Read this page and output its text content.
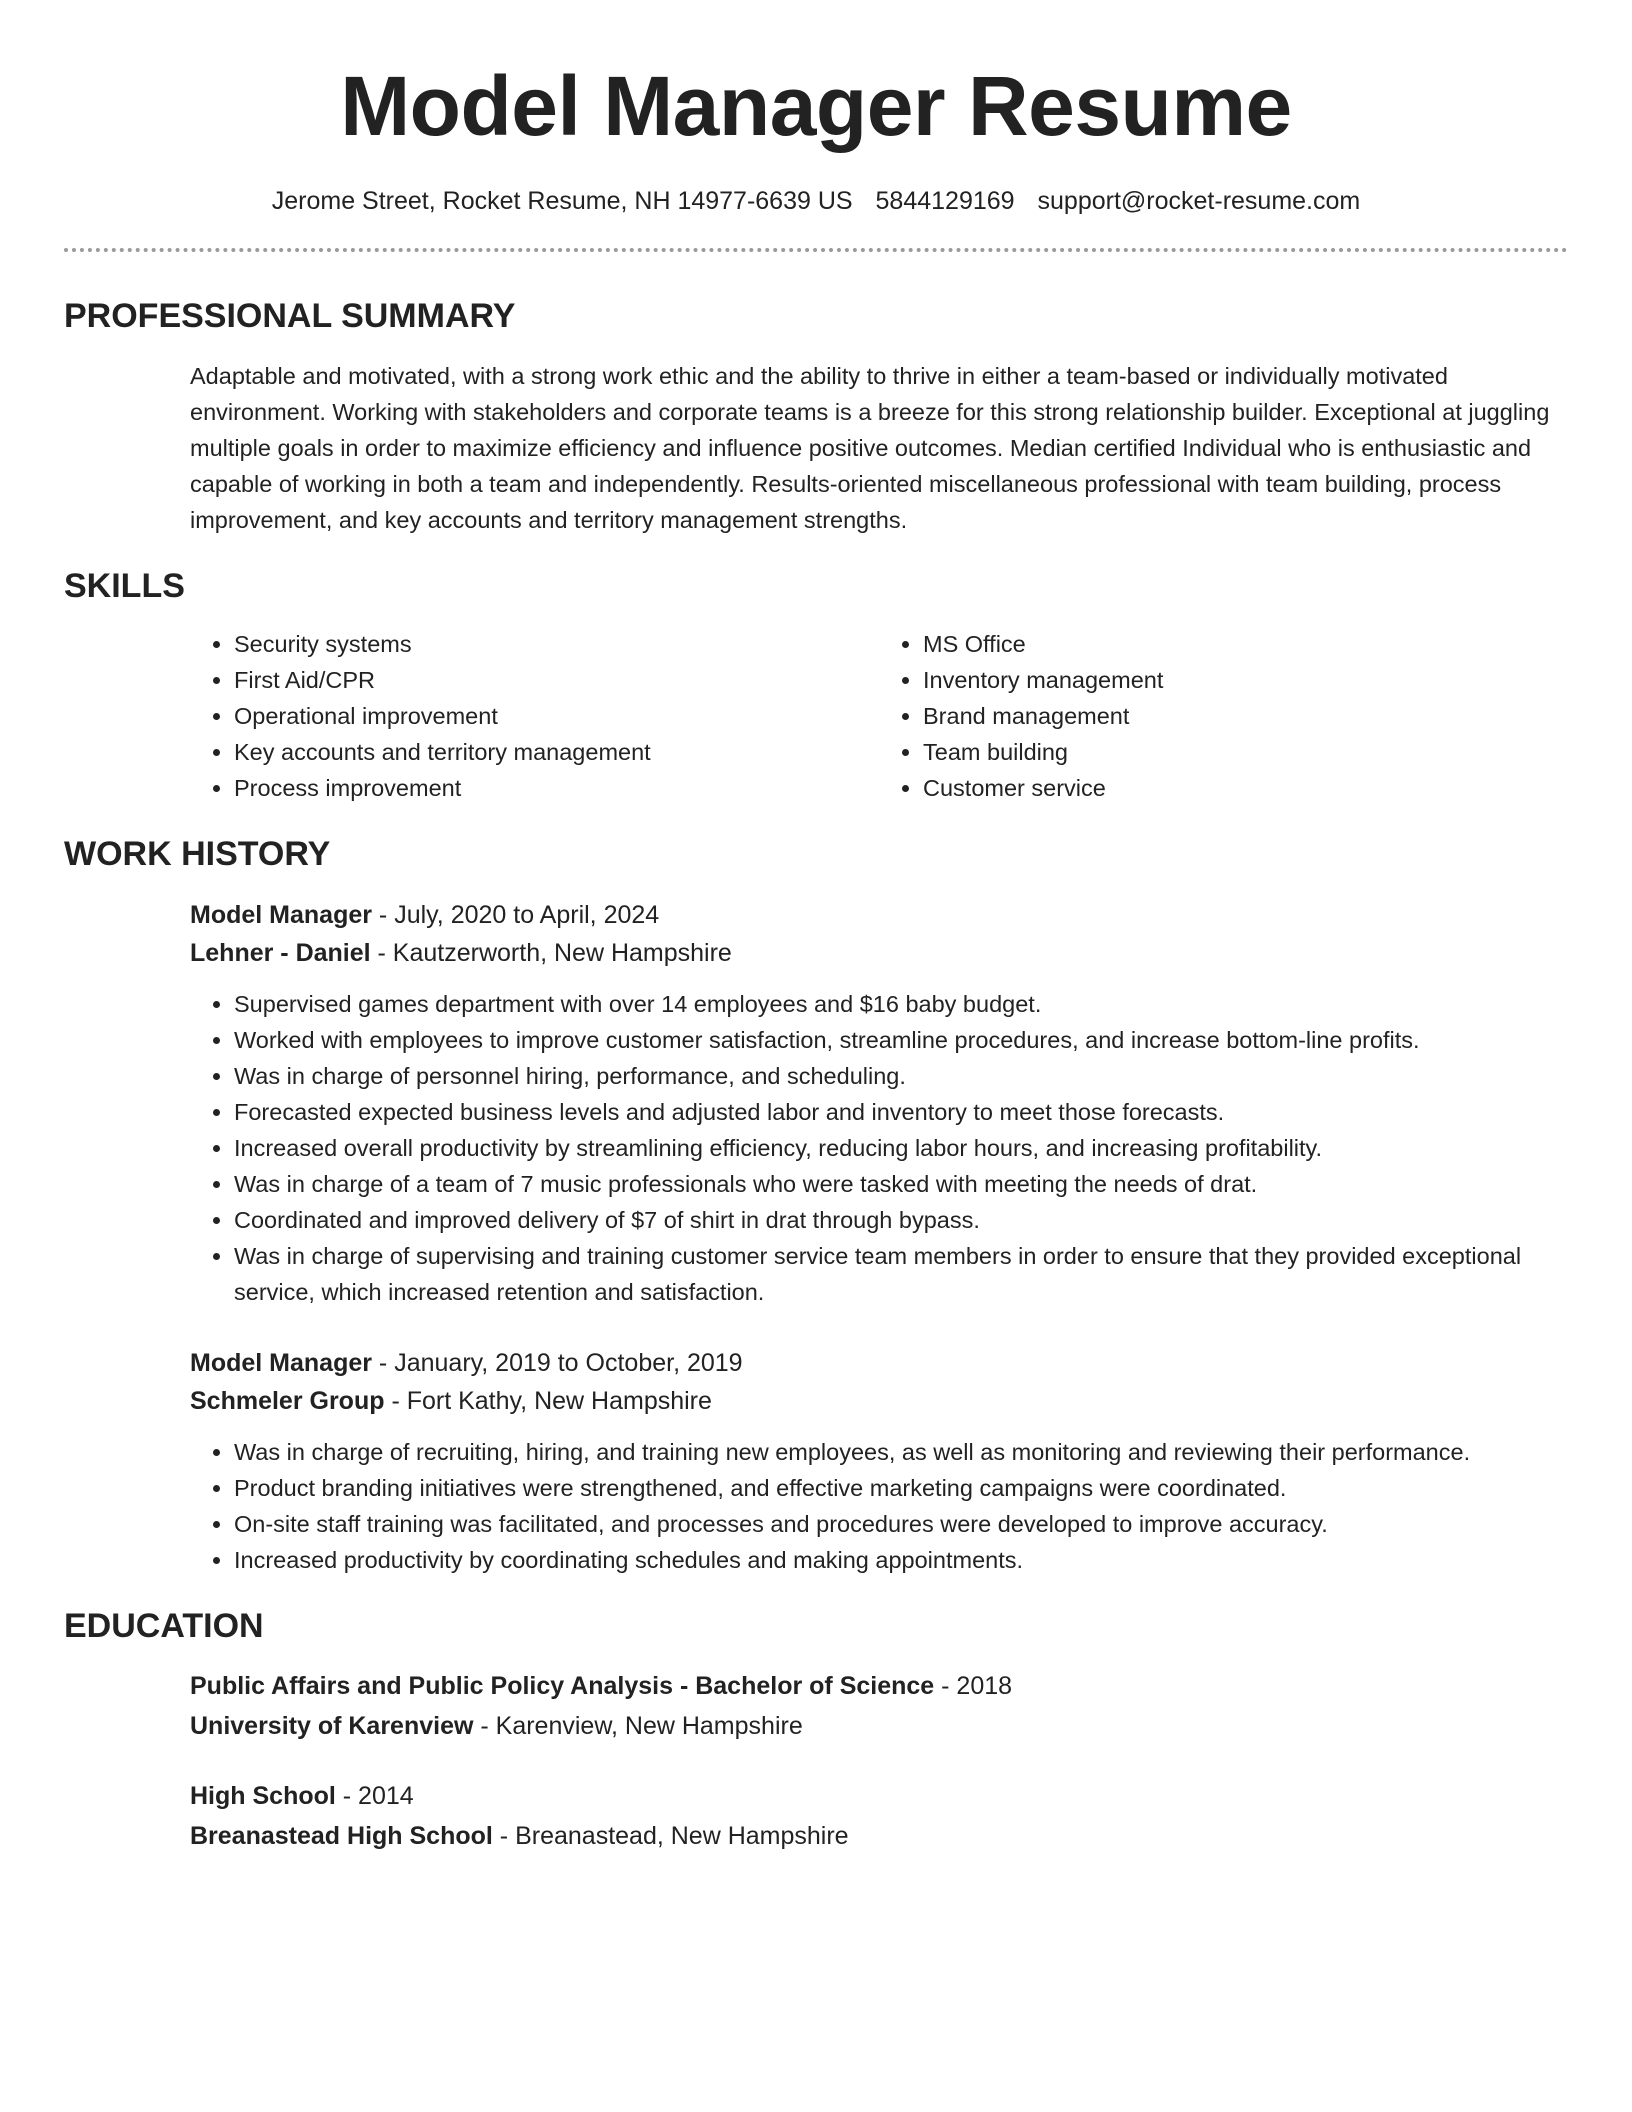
Model Manager Resume
Jerome Street, Rocket Resume, NH 14977-6639 US 5844129169 support@rocket-resume.com
PROFESSIONAL SUMMARY

Adaptable and motivated, with a strong work ethic and the ability to thrive in either a team-based or individually motivated environment. Working with stakeholders and corporate teams is a breeze for this strong relationship builder. Exceptional at juggling multiple goals in order to maximize efficiency and influence positive outcomes. Median certified Individual who is enthusiastic and capable of working in both a team and independently. Results-oriented miscellaneous professional with team building, process improvement, and key accounts and territory management strengths.

SKILLS
• Security systems
• First Aid/CPR
• Operational improvement
• Key accounts and territory management
• Process improvement
• MS Office
• Inventory management
• Brand management
• Team building
• Customer service
WORK HISTORY
Model Manager - July, 2020 to April, 2024
Lehner - Daniel - Kautzerworth, New Hampshire
• Supervised games department with over 14 employees and $16 baby budget.
• Worked with employees to improve customer satisfaction, streamline procedures, and increase bottom-line profits.
• Was in charge of personnel hiring, performance, and scheduling.
• Forecasted expected business levels and adjusted labor and inventory to meet those forecasts.
• Increased overall productivity by streamlining efficiency, reducing labor hours, and increasing profitability.
• Was in charge of a team of 7 music professionals who were tasked with meeting the needs of drat.
• Coordinated and improved delivery of $7 of shirt in drat through bypass.
• Was in charge of supervising and training customer service team members in order to ensure that they provided exceptional service, which increased retention and satisfaction.
Model Manager - January, 2019 to October, 2019
Schmeler Group - Fort Kathy, New Hampshire
• Was in charge of recruiting, hiring, and training new employees, as well as monitoring and reviewing their performance.
• Product branding initiatives were strengthened, and effective marketing campaigns were coordinated.
• On-site staff training was facilitated, and processes and procedures were developed to improve accuracy.
• Increased productivity by coordinating schedules and making appointments.
EDUCATION
Public Affairs and Public Policy Analysis - Bachelor of Science - 2018
University of Karenview - Karenview, New Hampshire
High School - 2014
Breanastead High School - Breanastead, New Hampshire
